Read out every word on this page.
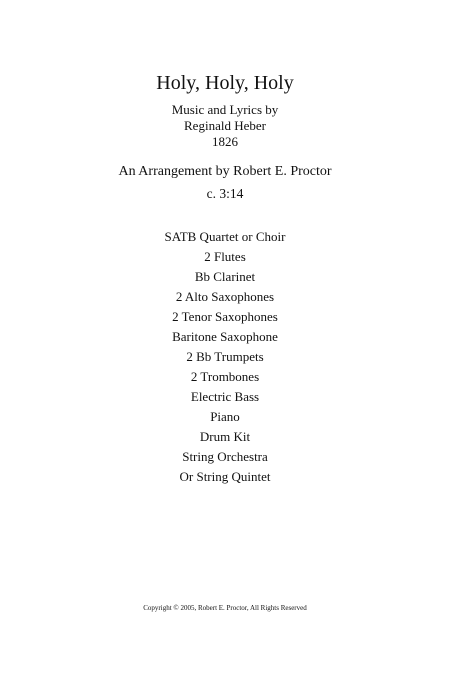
Holy, Holy, Holy
Music and Lyrics by
Reginald Heber
1826
An Arrangement by Robert E. Proctor
c. 3:14
SATB Quartet or Choir
2 Flutes
Bb Clarinet
2 Alto Saxophones
2 Tenor Saxophones
Baritone Saxophone
2 Bb Trumpets
2 Trombones
Electric Bass
Piano
Drum Kit
String Orchestra
Or String Quintet
Copyright © 2005, Robert E. Proctor, All Rights Reserved
